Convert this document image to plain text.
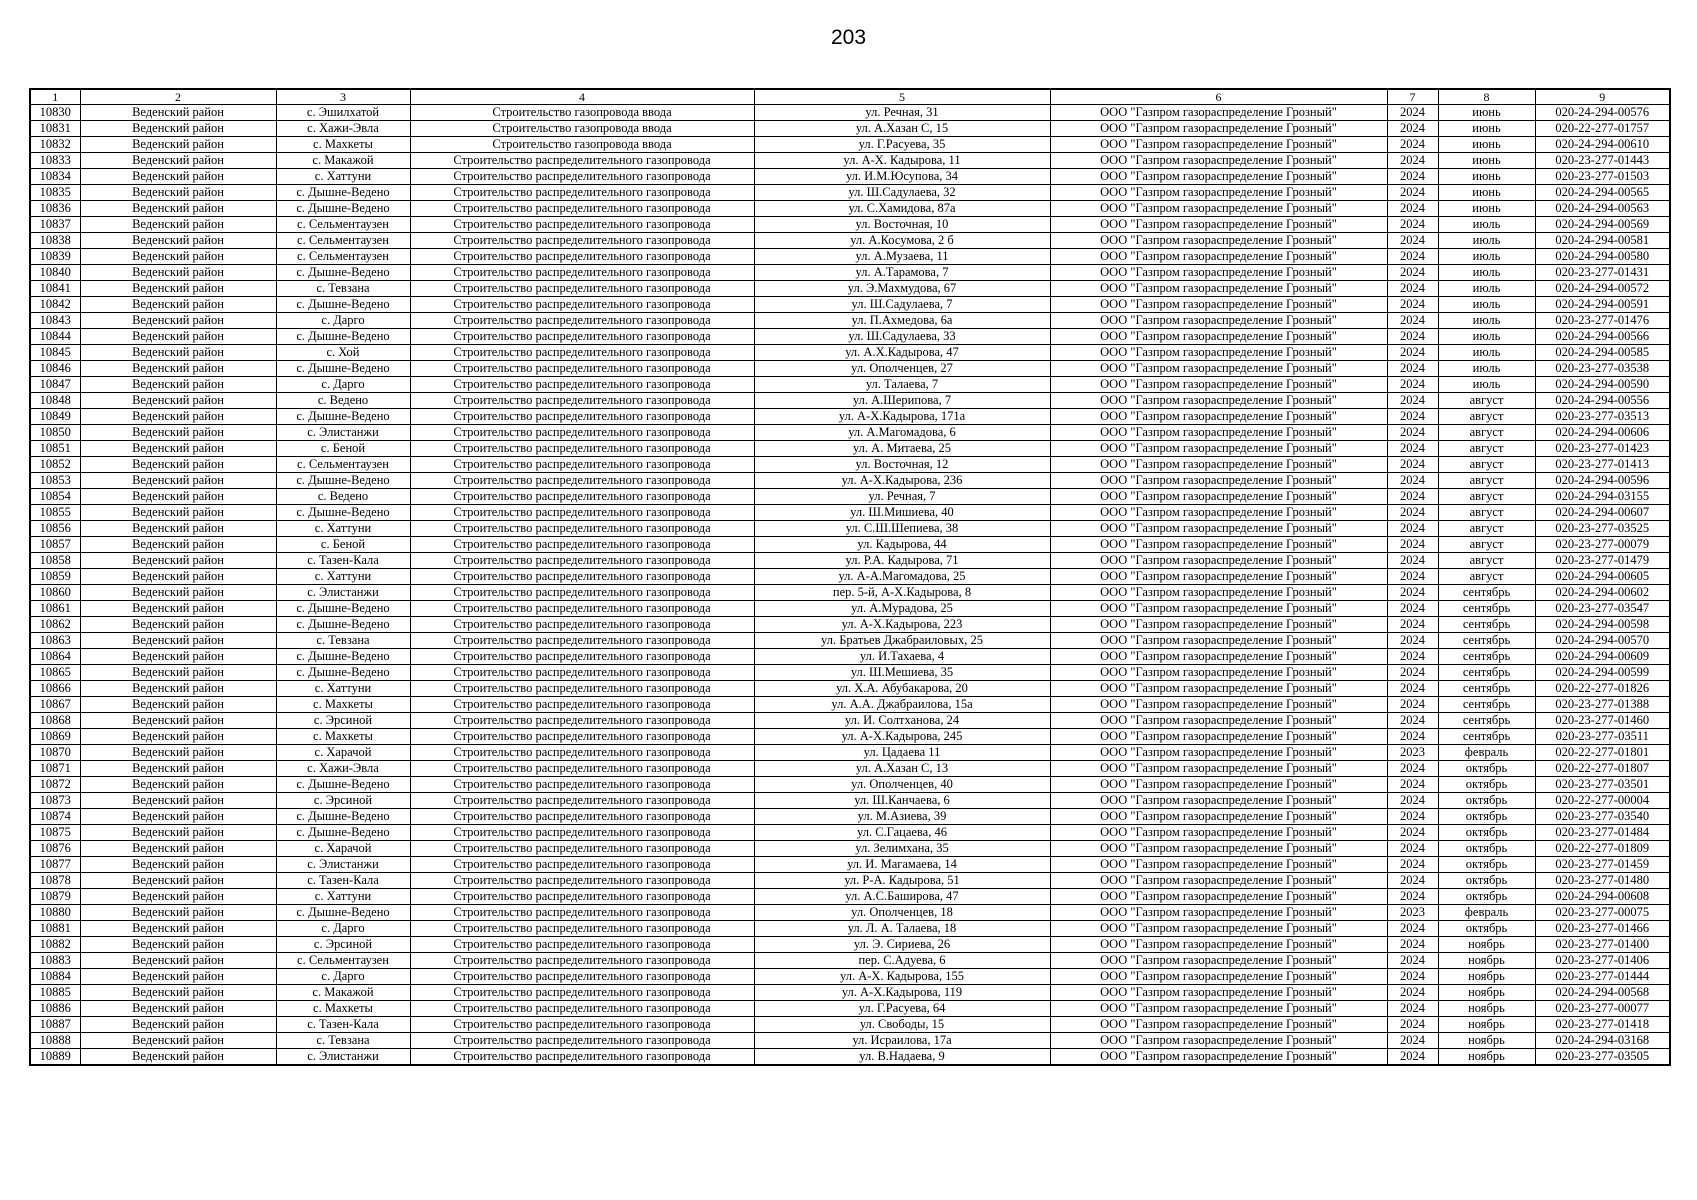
203
1	2	3	4	5	6	7	8	9
10830	Веденский район	с. Эшилхатой	Строительство газопровода ввода	ул. Речная, 31	ООО "Газпром газораспределение Грозный"	2024	июнь	020-24-294-00576
10831	Веденский район	с. Хажи-Эвла	Строительство газопровода ввода	ул. А.Хазан С, 15	ООО "Газпром газораспределение Грозный"	2024	июнь	020-22-277-01757
10832	Веденский район	с. Махкеты	Строительство газопровода ввода	ул. Г.Расуева, 35	ООО "Газпром газораспределение Грозный"	2024	июнь	020-24-294-00610
10833	Веденский район	с. Макажой	Строительство распределительного газопровода	ул. А-Х. Кадырова, 11	ООО "Газпром газораспределение Грозный"	2024	июнь	020-23-277-01443
10834	Веденский район	с. Хаттуни	Строительство распределительного газопровода	ул. И.М.Юсупова, 34	ООО "Газпром газораспределение Грозный"	2024	июнь	020-23-277-01503
10835	Веденский район	с. Дышне-Ведено	Строительство распределительного газопровода	ул. Ш.Садулаева, 32	ООО "Газпром газораспределение Грозный"	2024	июнь	020-24-294-00565
10836	Веденский район	с. Дышне-Ведено	Строительство распределительного газопровода	ул. С.Хамидова, 87а	ООО "Газпром газораспределение Грозный"	2024	июнь	020-24-294-00563
10837	Веденский район	с. Сельментаузен	Строительство распределительного газопровода	ул. Восточная, 10	ООО "Газпром газораспределение Грозный"	2024	июль	020-24-294-00569
10838	Веденский район	с. Сельментаузен	Строительство распределительного газопровода	ул. А.Косумова, 2 б	ООО "Газпром газораспределение Грозный"	2024	июль	020-24-294-00581
10839	Веденский район	с. Сельментаузен	Строительство распределительного газопровода	ул. А.Музаева, 11	ООО "Газпром газораспределение Грозный"	2024	июль	020-24-294-00580
10840	Веденский район	с. Дышне-Ведено	Строительство распределительного газопровода	ул. А.Тарамова, 7	ООО "Газпром газораспределение Грозный"	2024	июль	020-23-277-01431
10841	Веденский район	с. Тевзана	Строительство распределительного газопровода	ул. Э.Махмудова, 67	ООО "Газпром газораспределение Грозный"	2024	июль	020-24-294-00572
10842	Веденский район	с. Дышне-Ведено	Строительство распределительного газопровода	ул. Ш.Садулаева, 7	ООО "Газпром газораспределение Грозный"	2024	июль	020-24-294-00591
10843	Веденский район	с. Дарго	Строительство распределительного газопровода	ул. П.Ахмедова, 6а	ООО "Газпром газораспределение Грозный"	2024	июль	020-23-277-01476
10844	Веденский район	с. Дышне-Ведено	Строительство распределительного газопровода	ул. Ш.Садулаева, 33	ООО "Газпром газораспределение Грозный"	2024	июль	020-24-294-00566
10845	Веденский район	с. Хой	Строительство распределительного газопровода	ул. А.Х.Кадырова, 47	ООО "Газпром газораспределение Грозный"	2024	июль	020-24-294-00585
10846	Веденский район	с. Дышне-Ведено	Строительство распределительного газопровода	ул. Ополченцев, 27	ООО "Газпром газораспределение Грозный"	2024	июль	020-23-277-03538
10847	Веденский район	с. Дарго	Строительство распределительного газопровода	ул. Талаева, 7	ООО "Газпром газораспределение Грозный"	2024	июль	020-24-294-00590
10848	Веденский район	с. Ведено	Строительство распределительного газопровода	ул. А.Шерипова, 7	ООО "Газпром газораспределение Грозный"	2024	август	020-24-294-00556
10849	Веденский район	с. Дышне-Ведено	Строительство распределительного газопровода	ул. А-Х.Кадырова, 171а	ООО "Газпром газораспределение Грозный"	2024	август	020-23-277-03513
10850	Веденский район	с. Элистанжи	Строительство распределительного газопровода	ул. А.Магомадова, 6	ООО "Газпром газораспределение Грозный"	2024	август	020-24-294-00606
10851	Веденский район	с. Беной	Строительство распределительного газопровода	ул. А. Митаева, 25	ООО "Газпром газораспределение Грозный"	2024	август	020-23-277-01423
10852	Веденский район	с. Сельментаузен	Строительство распределительного газопровода	ул. Восточная, 12	ООО "Газпром газораспределение Грозный"	2024	август	020-23-277-01413
10853	Веденский район	с. Дышне-Ведено	Строительство распределительного газопровода	ул. А-Х.Кадырова, 236	ООО "Газпром газораспределение Грозный"	2024	август	020-24-294-00596
10854	Веденский район	с. Ведено	Строительство распределительного газопровода	ул. Речная, 7	ООО "Газпром газораспределение Грозный"	2024	август	020-24-294-03155
10855	Веденский район	с. Дышне-Ведено	Строительство распределительного газопровода	ул. Ш.Мишиева, 40	ООО "Газпром газораспределение Грозный"	2024	август	020-24-294-00607
10856	Веденский район	с. Хаттуни	Строительство распределительного газопровода	ул. С.Ш.Шепиева, 38	ООО "Газпром газораспределение Грозный"	2024	август	020-23-277-03525
10857	Веденский район	с. Беной	Строительство распределительного газопровода	ул. Кадырова, 44	ООО "Газпром газораспределение Грозный"	2024	август	020-23-277-00079
10858	Веденский район	с. Тазен-Кала	Строительство распределительного газопровода	ул. Р.А. Кадырова, 71	ООО "Газпром газораспределение Грозный"	2024	август	020-23-277-01479
10859	Веденский район	с. Хаттуни	Строительство распределительного газопровода	ул. А-А.Магомадова, 25	ООО "Газпром газораспределение Грозный"	2024	август	020-24-294-00605
10860	Веденский район	с. Элистанжи	Строительство распределительного газопровода	пер. 5-й, А-Х.Кадырова, 8	ООО "Газпром газораспределение Грозный"	2024	сентябрь	020-24-294-00602
10861	Веденский район	с. Дышне-Ведено	Строительство распределительного газопровода	ул. А.Мурадова, 25	ООО "Газпром газораспределение Грозный"	2024	сентябрь	020-23-277-03547
10862	Веденский район	с. Дышне-Ведено	Строительство распределительного газопровода	ул. А-Х.Кадырова, 223	ООО "Газпром газораспределение Грозный"	2024	сентябрь	020-24-294-00598
10863	Веденский район	с. Тевзана	Строительство распределительного газопровода	ул. Братьев Джабраиловых, 25	ООО "Газпром газораспределение Грозный"	2024	сентябрь	020-24-294-00570
10864	Веденский район	с. Дышне-Ведено	Строительство распределительного газопровода	ул. И.Тахаева, 4	ООО "Газпром газораспределение Грозный"	2024	сентябрь	020-24-294-00609
10865	Веденский район	с. Дышне-Ведено	Строительство распределительного газопровода	ул. Ш.Мешиева, 35	ООО "Газпром газораспределение Грозный"	2024	сентябрь	020-24-294-00599
10866	Веденский район	с. Хаттуни	Строительство распределительного газопровода	ул. Х.А. Абубакарова, 20	ООО "Газпром газораспределение Грозный"	2024	сентябрь	020-22-277-01826
10867	Веденский район	с. Махкеты	Строительство распределительного газопровода	ул. А.А. Джабраилова, 15а	ООО "Газпром газораспределение Грозный"	2024	сентябрь	020-23-277-01388
10868	Веденский район	с. Эрсиной	Строительство распределительного газопровода	ул. И. Солтханова, 24	ООО "Газпром газораспределение Грозный"	2024	сентябрь	020-23-277-01460
10869	Веденский район	с. Махкеты	Строительство распределительного газопровода	ул. А-Х.Кадырова, 245	ООО "Газпром газораспределение Грозный"	2024	сентябрь	020-23-277-03511
10870	Веденский район	с. Харачой	Строительство распределительного газопровода	ул. Цадаева 11	ООО "Газпром газораспределение Грозный"	2023	февраль	020-22-277-01801
10871	Веденский район	с. Хажи-Эвла	Строительство распределительного газопровода	ул. А.Хазан С, 13	ООО "Газпром газораспределение Грозный"	2024	октябрь	020-22-277-01807
10872	Веденский район	с. Дышне-Ведено	Строительство распределительного газопровода	ул. Ополченцев, 40	ООО "Газпром газораспределение Грозный"	2024	октябрь	020-23-277-03501
10873	Веденский район	с. Эрсиной	Строительство распределительного газопровода	ул. Ш.Канчаева, 6	ООО "Газпром газораспределение Грозный"	2024	октябрь	020-22-277-00004
10874	Веденский район	с. Дышне-Ведено	Строительство распределительного газопровода	ул. М.Азиева, 39	ООО "Газпром газораспределение Грозный"	2024	октябрь	020-23-277-03540
10875	Веденский район	с. Дышне-Ведено	Строительство распределительного газопровода	ул. С.Гацаева, 46	ООО "Газпром газораспределение Грозный"	2024	октябрь	020-23-277-01484
10876	Веденский район	с. Харачой	Строительство распределительного газопровода	ул. Зелимхана, 35	ООО "Газпром газораспределение Грозный"	2024	октябрь	020-22-277-01809
10877	Веденский район	с. Элистанжи	Строительство распределительного газопровода	ул. И. Магамаева, 14	ООО "Газпром газораспределение Грозный"	2024	октябрь	020-23-277-01459
10878	Веденский район	с. Тазен-Кала	Строительство распределительного газопровода	ул. Р-А. Кадырова, 51	ООО "Газпром газораспределение Грозный"	2024	октябрь	020-23-277-01480
10879	Веденский район	с. Хаттуни	Строительство распределительного газопровода	ул. А.С.Баширова, 47	ООО "Газпром газораспределение Грозный"	2024	октябрь	020-24-294-00608
10880	Веденский район	с. Дышне-Ведено	Строительство распределительного газопровода	ул. Ополченцев, 18	ООО "Газпром газораспределение Грозный"	2023	февраль	020-23-277-00075
10881	Веденский район	с. Дарго	Строительство распределительного газопровода	ул. Л. А. Талаева, 18	ООО "Газпром газораспределение Грозный"	2024	октябрь	020-23-277-01466
10882	Веденский район	с. Эрсиной	Строительство распределительного газопровода	ул. Э. Сириева, 26	ООО "Газпром газораспределение Грозный"	2024	ноябрь	020-23-277-01400
10883	Веденский район	с. Сельментаузен	Строительство распределительного газопровода	пер. С.Адуева, 6	ООО "Газпром газораспределение Грозный"	2024	ноябрь	020-23-277-01406
10884	Веденский район	с. Дарго	Строительство распределительного газопровода	ул. А-Х. Кадырова, 155	ООО "Газпром газораспределение Грозный"	2024	ноябрь	020-23-277-01444
10885	Веденский район	с. Макажой	Строительство распределительного газопровода	ул. А-Х.Кадырова, 119	ООО "Газпром газораспределение Грозный"	2024	ноябрь	020-24-294-00568
10886	Веденский район	с. Махкеты	Строительство распределительного газопровода	ул. Г.Расуева, 64	ООО "Газпром газораспределение Грозный"	2024	ноябрь	020-23-277-00077
10887	Веденский район	с. Тазен-Кала	Строительство распределительного газопровода	ул. Свободы, 15	ООО "Газпром газораспределение Грозный"	2024	ноябрь	020-23-277-01418
10888	Веденский район	с. Тевзана	Строительство распределительного газопровода	ул. Исраилова, 17а	ООО "Газпром газораспределение Грозный"	2024	ноябрь	020-24-294-03168
10889	Веденский район	с. Элистанжи	Строительство распределительного газопровода	ул. В.Надаева, 9	ООО "Газпром газораспределение Грозный"	2024	ноябрь	020-23-277-03505
